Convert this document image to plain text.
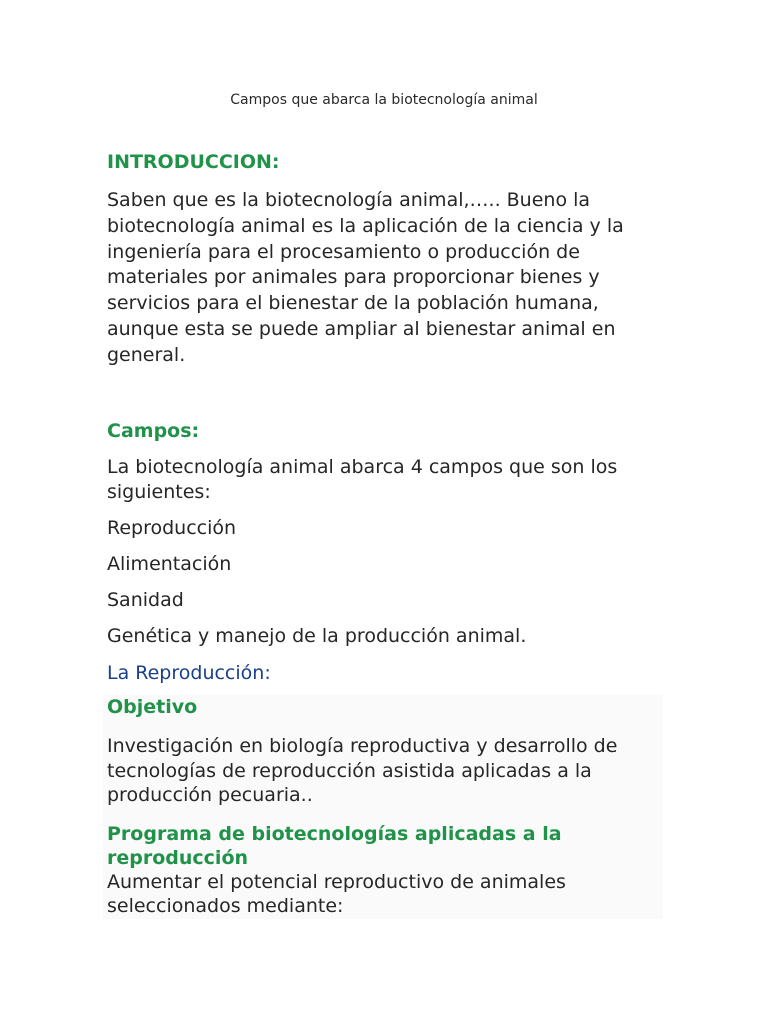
Campos que abarca la biotecnología animal
INTRODUCCION:
Saben que es la biotecnología animal,….. Bueno la biotecnología animal es la aplicación de la ciencia y la ingeniería para el procesamiento o producción de materiales por animales para proporcionar bienes y servicios para el bienestar de la población humana, aunque esta se puede ampliar al bienestar animal en general.
Campos:
La biotecnología animal abarca 4 campos que son los siguientes:
Reproducción
Alimentación
Sanidad
Genética y manejo de la producción animal.
La Reproducción:
Objetivo
Investigación en biología reproductiva y desarrollo de tecnologías de reproducción asistida aplicadas a la producción pecuaria..
Programa de biotecnologías aplicadas a la reproducción
Aumentar el potencial reproductivo de animales seleccionados mediante:
